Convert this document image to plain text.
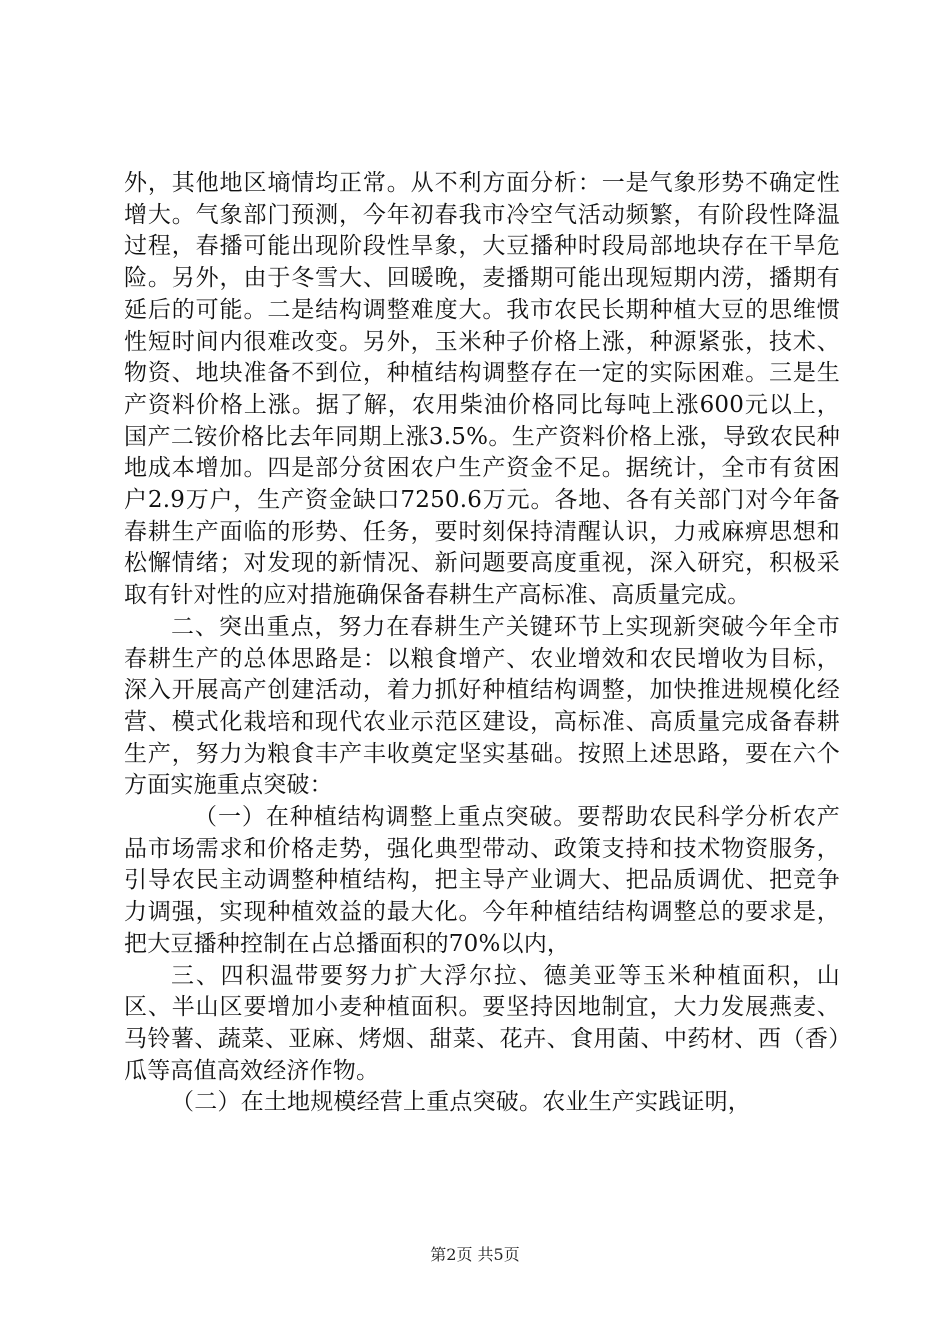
外，其他地区墒情均正常。从不利方面分析：一是气象形势不确定性增大。气象部门预测，今年初春我市冷空气活动频繁，有阶段性降温过程，春播可能出现阶段性旱象，大豆播种时段局部地块存在干旱危险。另外，由于冬雪大、回暖晚，麦播期可能出现短期内涝，播期有延后的可能。二是结构调整难度大。我市农民长期种植大豆的思维惯性短时间内很难改变。另外，玉米种子价格上涨，种源紧张，技术、物资、地块准备不到位，种植结构调整存在一定的实际困难。三是生产资料价格上涨。据了解，农用柴油价格同比每吨上涨600元以上，国产二铵价格比去年同期上涨3.5%。生产资料价格上涨，导致农民种地成本增加。四是部分贫困农户生产资金不足。据统计，全市有贫困户2.9万户，生产资金缺口7250.6万元。各地、各有关部门对今年备春耕生产面临的形势、任务，要时刻保持清醒认识，力戒麻痹思想和松懈情绪；对发现的新情况、新问题要高度重视，深入研究，积极采取有针对性的应对措施确保备春耕生产高标准、高质量完成。

二、突出重点，努力在春耕生产关键环节上实现新突破今年全市春耕生产的总体思路是：以粮食增产、农业增效和农民增收为目标，深入开展高产创建活动，着力抓好种植结构调整，加快推进规模化经营、模式化栽培和现代农业示范区建设，高标准、高质量完成备春耕生产，努力为粮食丰产丰收奠定坚实基础。按照上述思路，要在六个方面实施重点突破：

（一）在种植结构调整上重点突破。要帮助农民科学分析农产品市场需求和价格走势，强化典型带动、政策支持和技术物资服务，引导农民主动调整种植结构，把主导产业调大、把品质调优、把竞争力调强，实现种植效益的最大化。今年种植结结构调整总的要求是，把大豆播种控制在占总播面积的70%以内，

三、四积温带要努力扩大浮尔拉、德美亚等玉米种植面积，山区、半山区要增加小麦种植面积。要坚持因地制宜，大力发展燕麦、马铃薯、蔬菜、亚麻、烤烟、甜菜、花卉、食用菌、中药材、西（香）瓜等高值高效经济作物。

（二）在土地规模经营上重点突破。农业生产实践证明，

第2页 共5页
